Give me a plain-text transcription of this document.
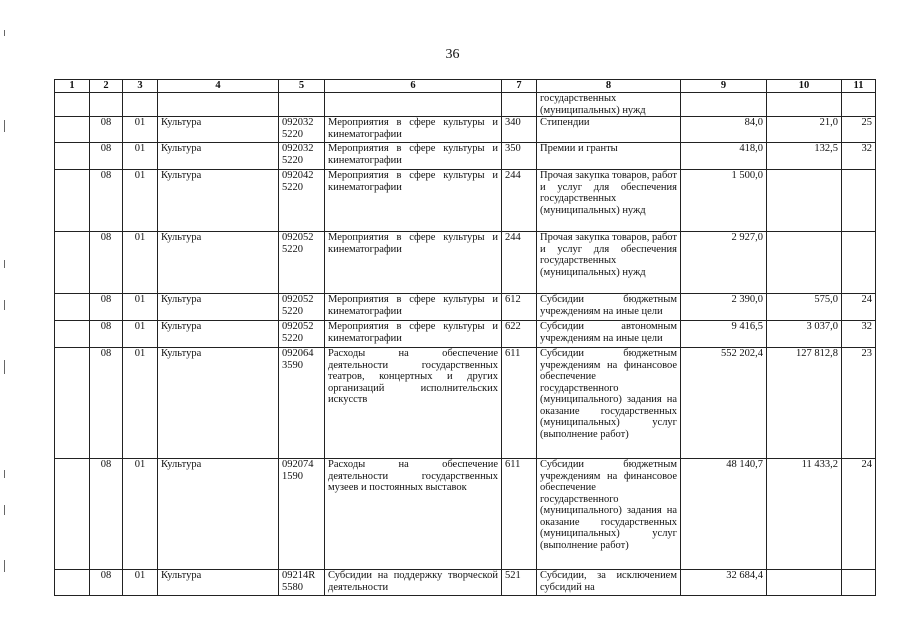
36
1	2	3	4	5	6	7	8	9	10	11
							государственных (муниципальных) нужд			
	08	01	Культура	092032 5220	Мероприятия в сфере культуры и кинематографии	340	Стипендии	84,0	21,0	25
	08	01	Культура	092032 5220	Мероприятия в сфере культуры и кинематографии	350	Премии и гранты	418,0	132,5	32
	08	01	Культура	092042 5220	Мероприятия в сфере культуры и кинематографии	244	Прочая закупка товаров, работ и услуг для обеспечения государственных (муниципальных) нужд	1 500,0		
	08	01	Культура	092052 5220	Мероприятия в сфере культуры и кинематографии	244	Прочая закупка товаров, работ и услуг для обеспечения государственных (муниципальных) нужд	2 927,0		
	08	01	Культура	092052 5220	Мероприятия в сфере культуры и кинематографии	612	Субсидии бюджетным учреждениям на иные цели	2 390,0	575,0	24
	08	01	Культура	092052 5220	Мероприятия в сфере культуры и кинематографии	622	Субсидии автономным учреждениям на иные цели	9 416,5	3 037,0	32
	08	01	Культура	092064 3590	Расходы на обеспечение деятельности государственных театров, концертных и других организаций исполнительских искусств	611	Субсидии бюджетным учреждениям на финансовое обеспечение государственного (муниципального) задания на оказание государственных (муниципальных) услуг (выполнение работ)	552 202,4	127 812,8	23
	08	01	Культура	092074 1590	Расходы на обеспечение деятельности государственных музеев и постоянных выставок	611	Субсидии бюджетным учреждениям на финансовое обеспечение государственного (муниципального) задания на оказание государственных (муниципальных) услуг (выполнение работ)	48 140,7	11 433,2	24
	08	01	Культура	09214R 5580	Субсидии на поддержку творческой деятельности	521	Субсидии, за исключением субсидий на	32 684,4		
